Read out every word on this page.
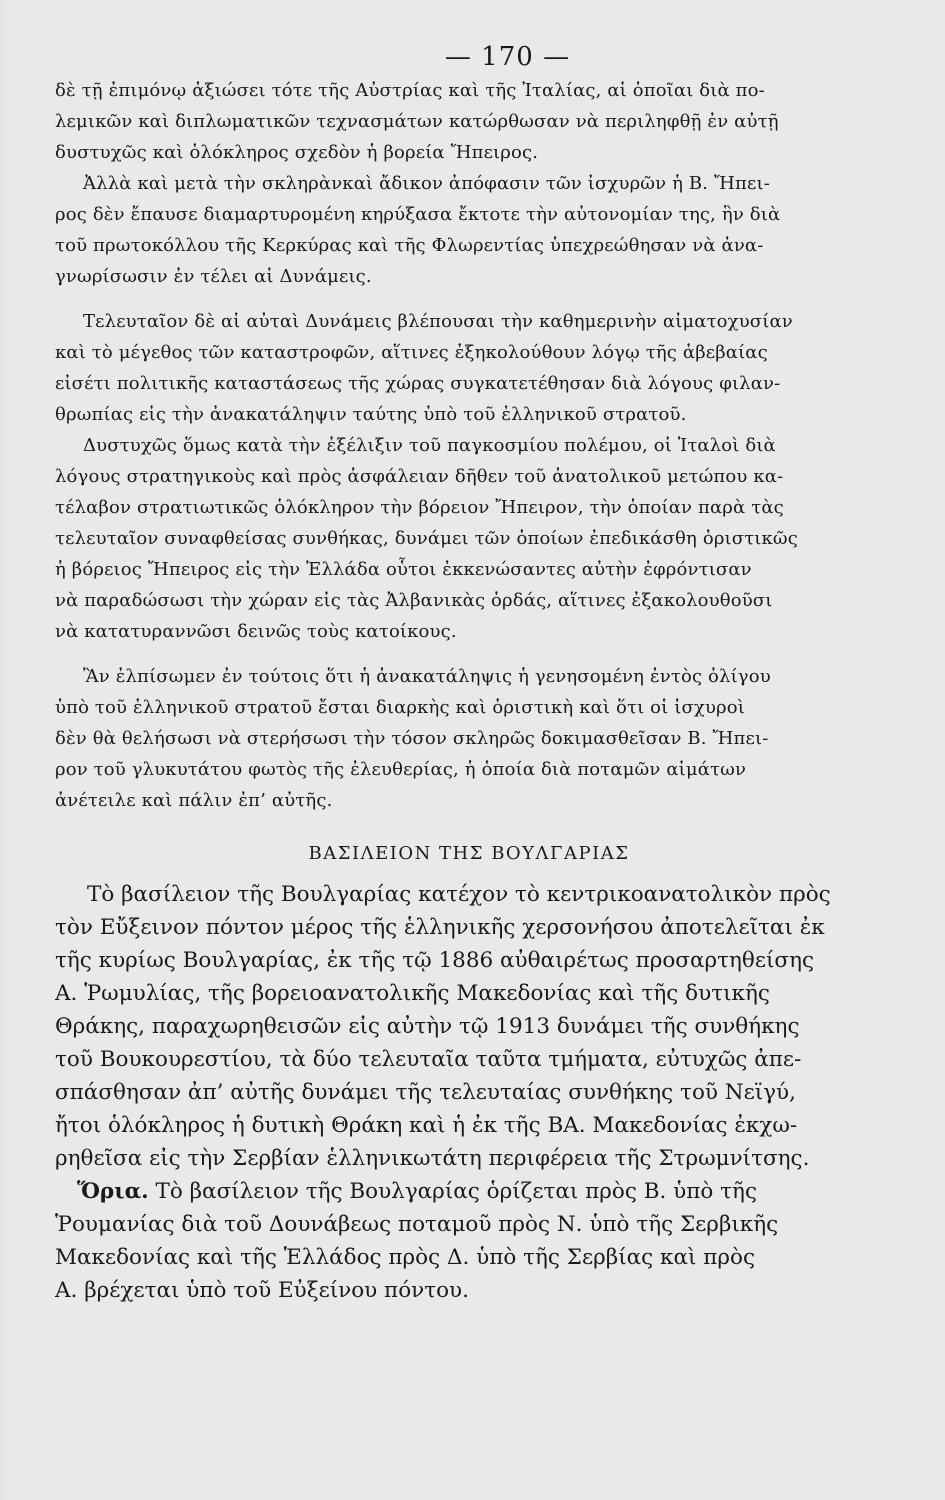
— 170 —
δὲ τῇ ἐπιμόνῳ ἀξιώσει τότε τῆς Αὐστρίας καὶ τῆς Ἰταλίας, αἱ ὁποῖαι διὰ πο-
λεμικῶν καὶ διπλωματικῶν τεχνασμάτων κατώρθωσαν νὰ περιληφθῇ ἐν αὐτῇ
δυστυχῶς καὶ ὁλόκληρος σχεδὸν ἡ βορεία Ἤπειρος.
Ἀλλὰ καὶ μετὰ τὴν σκληρὰνκαὶ ἄδικον ἀπόφασιν τῶν ἰσχυρῶν ἡ Β. Ἤπει-
ρος δὲν ἔπαυσε διαμαρτυρομένη κηρύξασα ἔκτοτε τὴν αὐτονομίαν της, ἣν διὰ
τοῦ πρωτοκόλλου τῆς Κερκύρας καὶ τῆς Φλωρεντίας ὑπεχρεώθησαν νὰ ἀνα-
γνωρίσωσιν ἐν τέλει αἱ Δυνάμεις.
Τελευταῖον δὲ αἱ αὐταὶ Δυνάμεις βλέπουσαι τὴν καθημερινὴν αἱματοχυσίαν
καὶ τὸ μέγεθος τῶν καταστροφῶν, αἵτινες ἐξηκολούθουν λόγῳ τῆς ἀβεβαίας
εἰσέτι πολιτικῆς καταστάσεως τῆς χώρας συγκατετέθησαν διὰ λόγους φιλαν-
θρωπίας εἰς τὴν ἀνακατάληψιν ταύτης ὑπὸ τοῦ ἑλληνικοῦ στρατοῦ.
Δυστυχῶς ὅμως κατὰ τὴν ἐξέλιξιν τοῦ παγκοσμίου πολέμου, οἱ Ἰταλοὶ διὰ
λόγους στρατηγικοὺς καὶ πρὸς ἀσφάλειαν δῆθεν τοῦ ἀνατολικοῦ μετώπου κα-
τέλαβον στρατιωτικῶς ὁλόκληρον τὴν βόρειον Ἤπειρον, τὴν ὁποίαν παρὰ τὰς
τελευταῖον συναφθείσας συνθήκας, δυνάμει τῶν ὁποίων ἐπεδικάσθη ὁριστικῶς
ἡ βόρειος Ἤπειρος εἰς τὴν Ἑλλάδα οὗτοι ἐκκενώσαντες αὐτὴν ἐφρόντισαν
νὰ παραδώσωσι τὴν χώραν εἰς τὰς Ἀλβανικὰς ὀρδάς, αἵτινες ἐξακολουθοῦσι
νὰ κατατυραννῶσι δεινῶς τοὺς κατοίκους.
Ἂν ἐλπίσωμεν ἐν τούτοις ὅτι ἡ ἀνακατάληψις ἡ γενησομένη ἐντὸς ὀλίγου
ὑπὸ τοῦ ἑλληνικοῦ στρατοῦ ἔσται διαρκὴς καὶ ὁριστικὴ καὶ ὅτι οἱ ἰσχυροὶ
δὲν θὰ θελήσωσι νὰ στερήσωσι τὴν τόσον σκληρῶς δοκιμασθεῖσαν Β. Ἤπει-
ρον τοῦ γλυκυτάτου φωτὸς τῆς ἐλευθερίας, ἡ ὁποία διὰ ποταμῶν αἱμάτων
ἀνέτειλε καὶ πάλιν ἐπ’ αὐτῆς.
ΒΑΣΙΛΕΙΟΝ ΤΗΣ ΒΟΥΛΓΑΡΙΑΣ
Τὸ βασίλειον τῆς Βουλγαρίας κατέχον τὸ κεντρικοανατολικὸν πρὸς
τὸν Εὔξεινον πόντον μέρος τῆς ἑλληνικῆς χερσονήσου ἀποτελεῖται ἐκ
τῆς κυρίως Βουλγαρίας, ἐκ τῆς τῷ 1886 αὐθαιρέτως προσαρτηθείσης
Α. Ῥωμυλίας, τῆς βορειοανατολικῆς Μακεδονίας καὶ τῆς δυτικῆς
Θράκης, παραχωρηθεισῶν εἰς αὐτὴν τῷ 1913 δυνάμει τῆς συνθήκης
τοῦ Βουκουρεστίου, τὰ δύο τελευταῖα ταῦτα τμήματα, εὐτυχῶς ἀπε-
σπάσθησαν ἀπ’ αὐτῆς δυνάμει τῆς τελευταίας συνθήκης τοῦ Νεϊγύ,
ἤτοι ὁλόκληρος ἡ δυτικὴ Θράκη καὶ ἡ ἐκ τῆς ΒΑ. Μακεδονίας ἐκχω-
ρηθεῖσα εἰς τὴν Σερβίαν ἑλληνικωτάτη περιφέρεια τῆς Στρωμνίτσης.
Ὅρια. Τὸ βασίλειον τῆς Βουλγαρίας ὁρίζεται πρὸς Β. ὑπὸ τῆς
Ῥουμανίας διὰ τοῦ Δουνάβεως ποταμοῦ πρὸς Ν. ὑπὸ τῆς Σερβικῆς
Μακεδονίας καὶ τῆς Ἑλλάδος πρὸς Δ. ὑπὸ τῆς Σερβίας καὶ πρὸς
Α. βρέχεται ὑπὸ τοῦ Εὐξείνου πόντου.
